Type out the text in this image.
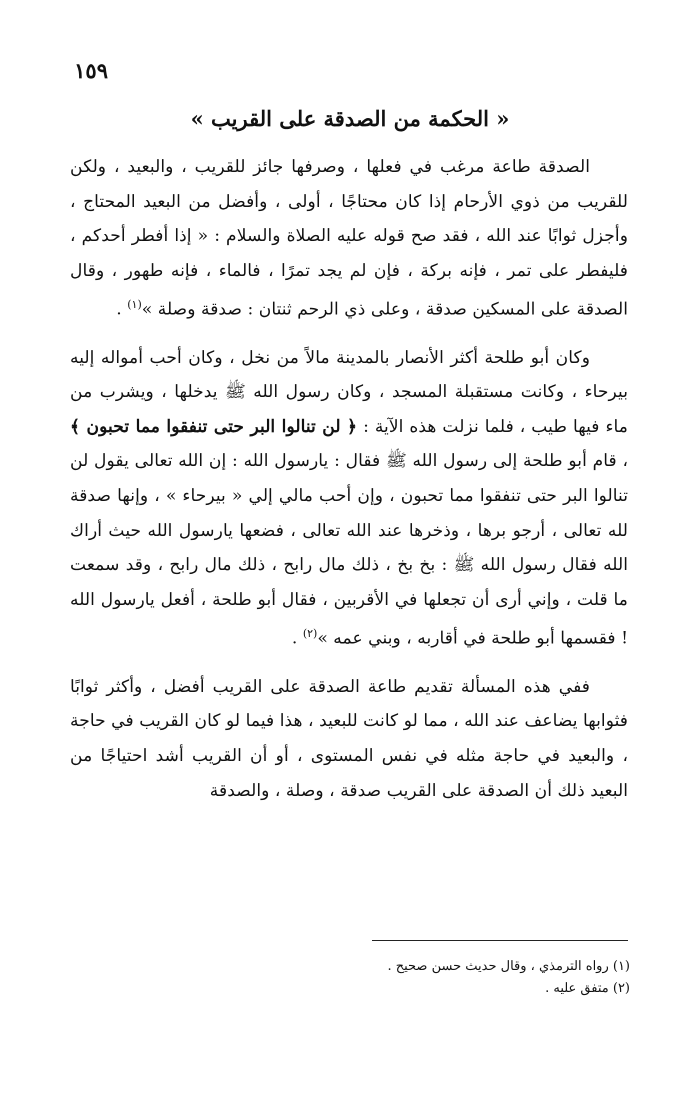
١٥٩
« الحكمة من الصدقة على القريب »

الصدقة طاعة مرغب في فعلها ، وصرفها جائز للقريب ، والبعيد ، ولكن للقريب من ذوي الأرحام إذا كان محتاجًا ، أولى ، وأفضل من البعيد المحتاج ، وأجزل ثوابًا عند الله ، فقد صح قوله عليه الصلاة والسلام : « إذا أفطر أحدكم ، فليفطر على تمر ، فإنه بركة ، فإن لم يجد تمرًا ، فالماء ، فإنه طهور ، وقال الصدقة على المسكين صدقة ، وعلى ذي الرحم ثنتان : صدقة وصلة »$^{(١)}$ .

وكان أبو طلحة أكثر الأنصار بالمدينة مالاً من نخل ، وكان أحب أمواله إليه بيرحاء ، وكانت مستقبلة المسجد ، وكان رسول الله ﷺ يدخلها ، ويشرب من ماء فيها طيب ، فلما نزلت هذه الآية : ﴿ لن تنالوا البر حتى تنفقوا مما تحبون ﴾ ، قام أبو طلحة إلى رسول الله ﷺ فقال : يارسول الله : إن الله تعالى يقول لن تنالوا البر حتى تنفقوا مما تحبون ، وإن أحب مالي إلي « بيرحاء » ، وإنها صدقة لله تعالى ، أرجو برها ، وذخرها عند الله تعالى ، فضعها يارسول الله حيث أراك الله فقال رسول الله ﷺ : بخ بخ ، ذلك مال رابح ، ذلك مال رابح ، وقد سمعت ما قلت ، وإني أرى أن تجعلها في الأقربين ، فقال أبو طلحة ، أفعل يارسول الله ! فقسمها أبو طلحة في أقاربه ، وبني عمه »$^{(٢)}$ .

ففي هذه المسألة تقديم طاعة الصدقة على القريب أفضل ، وأكثر ثوابًا فثوابها يضاعف عند الله ، مما لو كانت للبعيد ، هذا فيما لو كان القريب في حاجة ، والبعيد في حاجة مثله في نفس المستوى ، أو أن القريب أشد احتياجًا من البعيد ذلك أن الصدقة على القريب صدقة ، وصلة ، والصدقة

(١) رواه الترمذي ، وقال حديث حسن صحيح .

(٢) متفق عليه .
